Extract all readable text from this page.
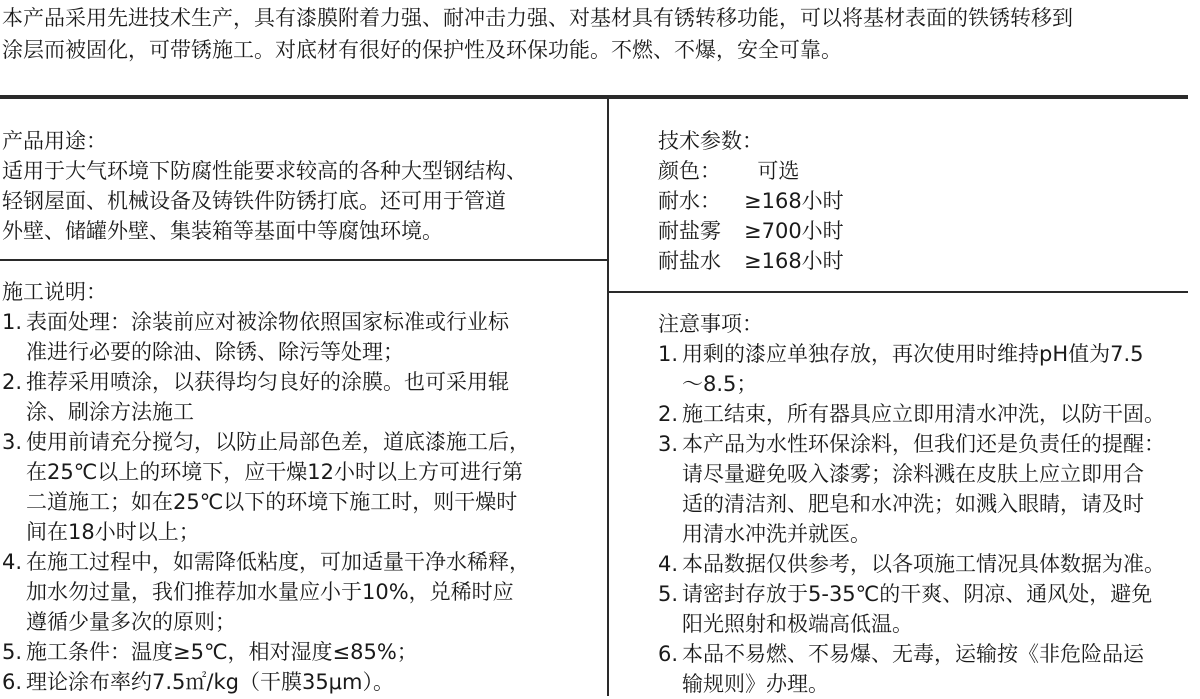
本产品采用先进技术生产，具有漆膜附着力强、耐冲击力强、对基材具有锈转移功能，可以将基材表面的铁锈转移到
涂层而被固化，可带锈施工。对底材有很好的保护性及环保功能。不燃、不爆，安全可靠。
产品用途：
适用于大气环境下防腐性能要求较高的各种大型钢结构、
轻钢屋面、机械设备及铸铁件防锈打底。还可用于管道
外壁、储罐外壁、集装箱等基面中等腐蚀环境。
施工说明：
1. 表面处理：涂装前应对被涂物依照国家标准或行业标
准进行必要的除油、除锈、除污等处理；
2. 推荐采用喷涂，以获得均匀良好的涂膜。也可采用辊
涂、刷涂方法施工
3. 使用前请充分搅匀，以防止局部色差，道底漆施工后，
在25℃以上的环境下，应干燥12小时以上方可进行第
二道施工；如在25℃以下的环境下施工时，则干燥时
间在18小时以上；
4. 在施工过程中，如需降低粘度，可加适量干净水稀释，
加水勿过量，我们推荐加水量应小于10%，兑稀时应
遵循少量多次的原则；
5. 施工条件：温度≥5℃，相对湿度≤85%；
6. 理论涂布率约7.5㎡/kg（干膜35μm）。
技术参数：
颜色：  可选
耐水： ≥168小时
耐盐雾 ≥700小时
耐盐水 ≥168小时
注意事项：
1. 用剩的漆应单独存放，再次使用时维持pH值为7.5
～8.5；
2. 施工结束，所有器具应立即用清水冲洗，以防干固。
3. 本产品为水性环保涂料，但我们还是负责任的提醒：
请尽量避免吸入漆雾；涂料溅在皮肤上应立即用合
适的清洁剂、肥皂和水冲洗；如溅入眼睛，请及时
用清水冲洗并就医。
4. 本品数据仅供参考，以各项施工情况具体数据为准。
5. 请密封存放于5-35℃的干爽、阴凉、通风处，避免
阳光照射和极端高低温。
6. 本品不易燃、不易爆、无毒，运输按《非危险品运
输规则》办理。
